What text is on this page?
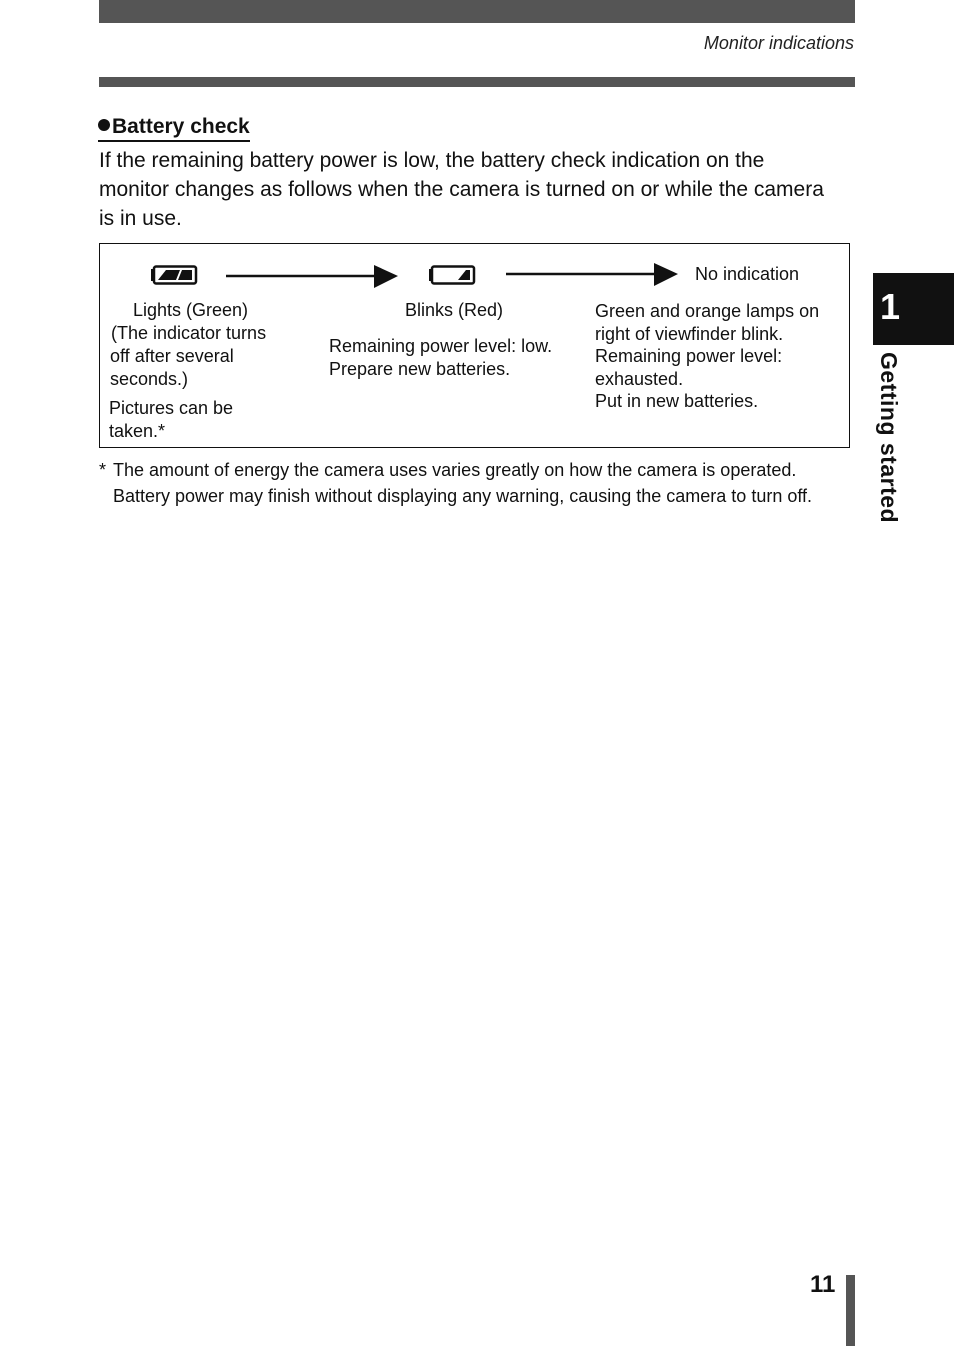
Monitor indications
Battery check
If the remaining battery power is low, the battery check indication on the monitor changes as follows when the camera is turned on or while the camera is in use.
No indication
Lights (Green)
(The indicator turns
off after several
seconds.)
Pictures can be
taken.*
Blinks (Red)
Remaining power level: low.
Prepare new batteries.
Green and orange lamps on
right of viewfinder blink.
Remaining power level:
exhausted.
Put in new batteries.
* The amount of energy the camera uses varies greatly on how the camera is operated. Battery power may finish without displaying any warning, causing the camera to turn off.
1
Getting started
11
